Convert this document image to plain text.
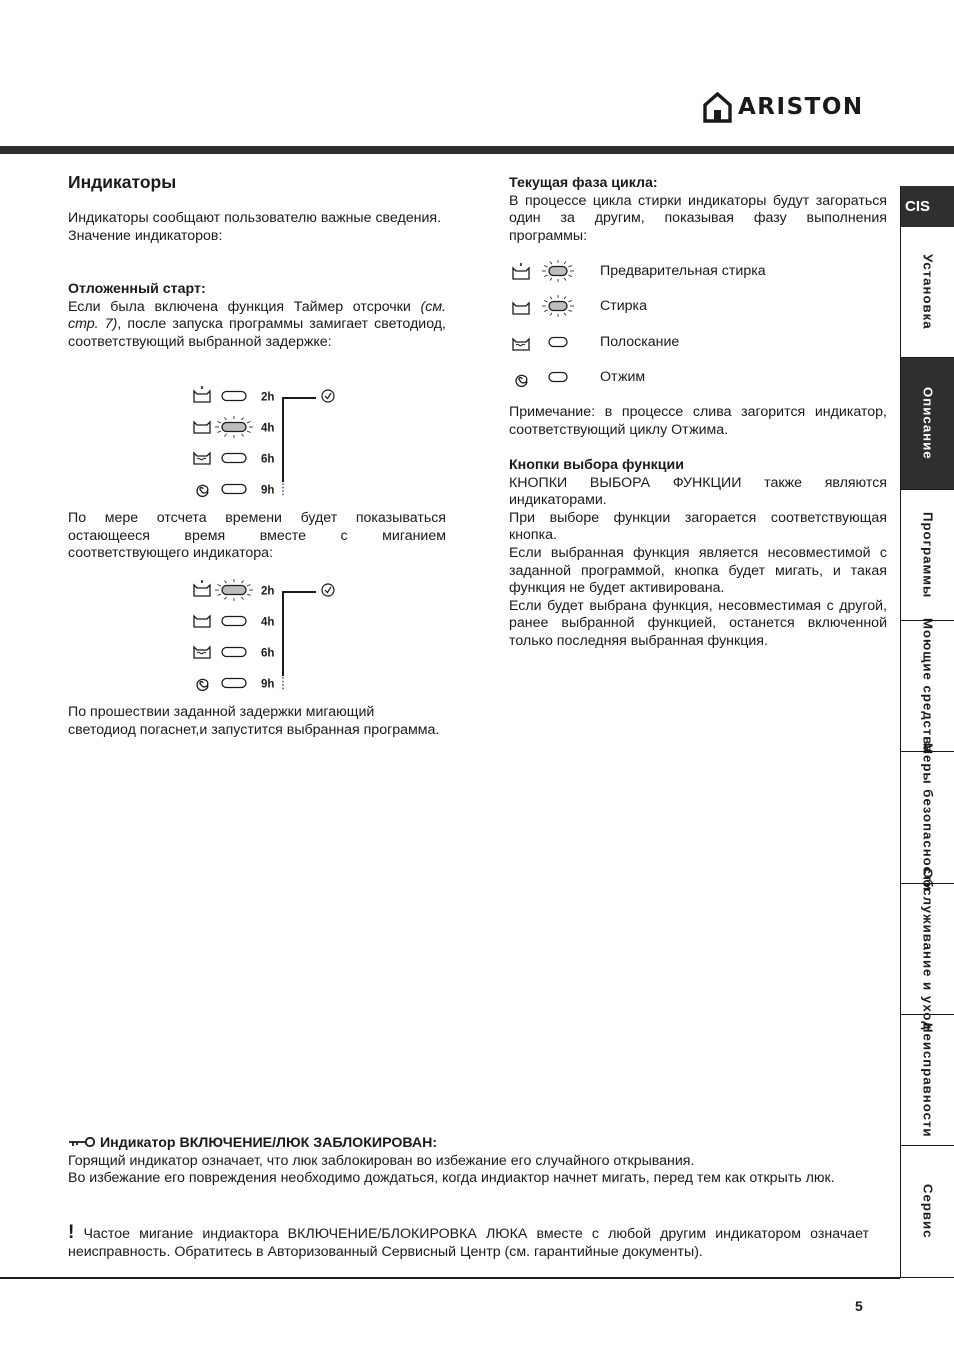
ARISTON
Индикаторы

Индикаторы сообщают пользователю важные сведения.

Значение индикаторов:

Отложенный старт:

Если была включена функция Таймер отсрочки (см. стр. 7), после запуска программы замигает светодиод, соответствующий выбранной задержке:

2h
4h
6h
9h

По мере отсчета времени будет показываться остающееся время вместе с миганием соответствующего индикатора:

2h
4h
6h
9h

По прошествии заданной задержки мигающий светодиод погаснет,и запустится выбранная программа.

Текущая фаза цикла:

В процессе цикла стирки индикаторы будут загораться один за другим, показывая фазу выполнения программы:

Предварительная стирка
Стирка
Полоскание
Отжим

Примечание: в процессе слива загорится индикатор, соответствующий циклу Отжима.

Кнопки выбора функции

КНОПКИ ВЫБОРА ФУНКЦИИ также являются индикаторами.

При выборе функции загорается соответствующая кнопка.

Если выбранная функция является несовместимой с заданной программой, кнопка будет мигать, и такая функция не будет активирована.

Если будет выбрана функция, несовместимая с другой, ранее выбранной функцией, останется включенной только последняя выбранная функция.

Индикатор ВКЛЮЧЕНИЕ/ЛЮК ЗАБЛОКИРОВАН:

Горящий индикатор означает, что люк заблокирован во избежание его случайного открывания.

Во избежание его повреждения необходимо дождаться, когда индиактор начнет мигать, перед тем как открыть люк.

! Частое мигание индиактора ВКЛЮЧЕНИЕ/БЛОКИРОВКА ЛЮКА вместе с любой другим индикатором означает неисправность. Обратитесь в Авторизованный Сервисный Центр (см. гарантийные документы).

5
CIS
Установка
Описание
Программы
Моющие средства
Меры безопасности
Обслуживание и уход
Неисправности
Сервис
